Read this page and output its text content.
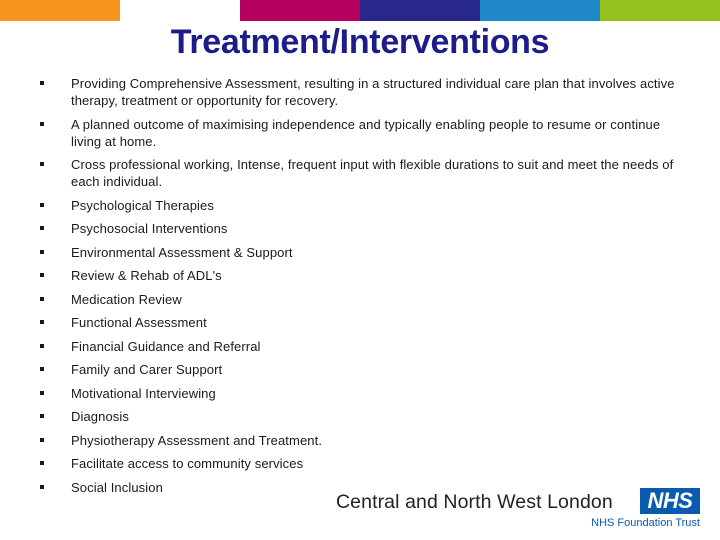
Treatment/Interventions
Providing Comprehensive Assessment, resulting in a structured individual care plan that involves active therapy, treatment or opportunity for recovery.
A planned outcome of maximising independence and typically enabling people to resume or continue living at home.
Cross professional working, Intense, frequent input with flexible durations to suit and meet the needs of each individual.
Psychological Therapies
Psychosocial Interventions
Environmental Assessment & Support
Review & Rehab of ADL's
Medication Review
Functional Assessment
Financial Guidance and Referral
Family and Carer Support
Motivational Interviewing
Diagnosis
Physiotherapy Assessment and Treatment.
Facilitate access to community services
Social Inclusion
Central and North West London	NHS
NHS Foundation Trust
